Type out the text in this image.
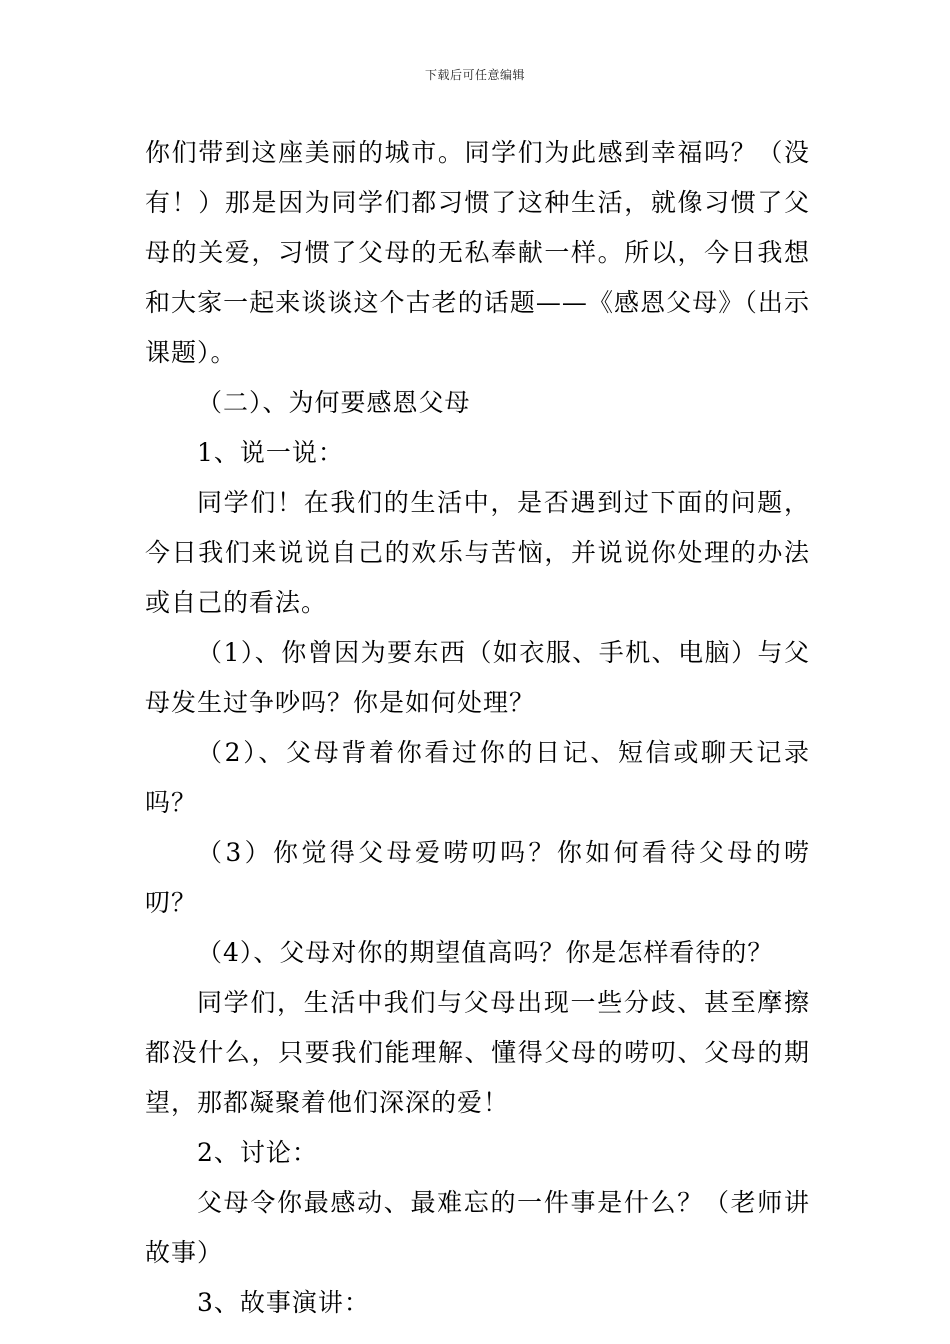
下载后可任意编辑

你们带到这座美丽的城市。同学们为此感到幸福吗？（没有！）那是因为同学们都习惯了这种生活，就像习惯了父母的关爱，习惯了父母的无私奉献一样。所以，今日我想和大家一起来谈谈这个古老的话题——《感恩父母》（出示课题）。

（二）、为何要感恩父母

1、说一说：

同学们！在我们的生活中，是否遇到过下面的问题，今日我们来说说自己的欢乐与苦恼，并说说你处理的办法或自己的看法。

（1）、你曾因为要东西（如衣服、手机、电脑）与父母发生过争吵吗？你是如何处理？

（2）、父母背着你看过你的日记、短信或聊天记录吗？

（3）你觉得父母爱唠叨吗？你如何看待父母的唠叨？

（4）、父母对你的期望值高吗？你是怎样看待的？

同学们，生活中我们与父母出现一些分歧、甚至摩擦都没什么，只要我们能理解、懂得父母的唠叨、父母的期望，那都凝聚着他们深深的爱！

2、讨论：

父母令你最感动、最难忘的一件事是什么？（老师讲故事）

3、故事演讲：
